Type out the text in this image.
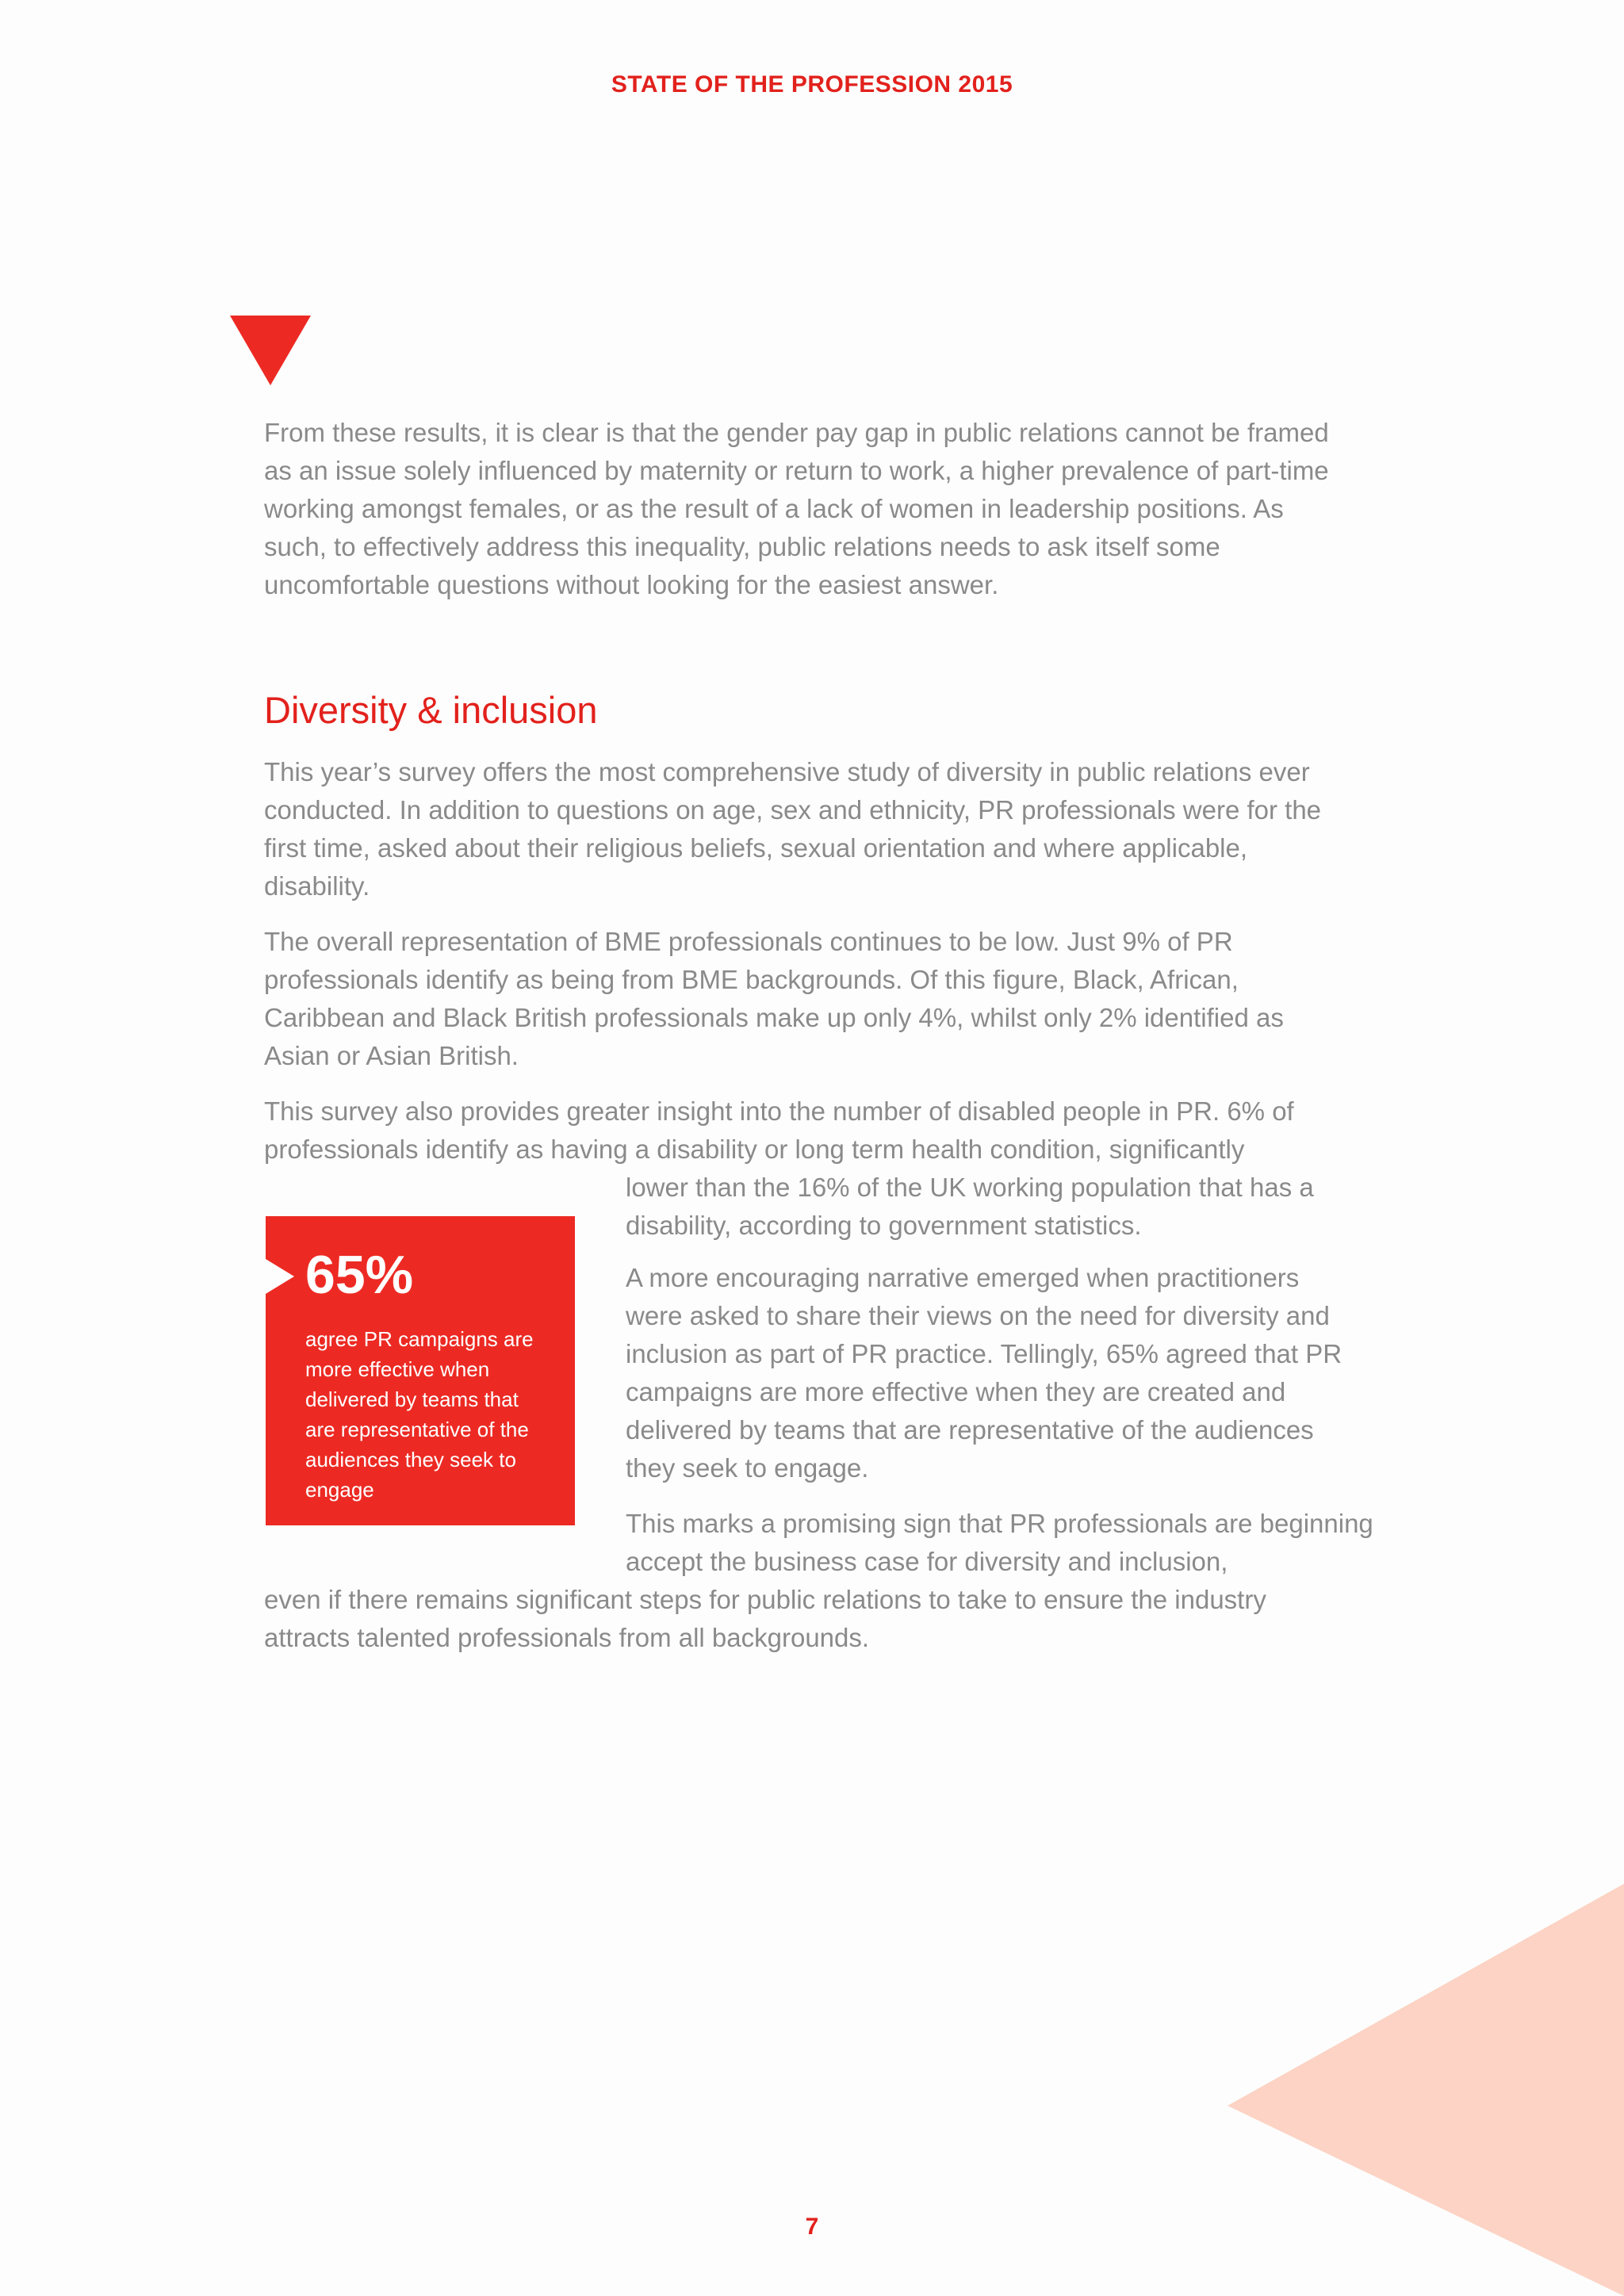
STATE OF THE PROFESSION 2015

From these results, it is clear is that the gender pay gap in public relations cannot be framed as an issue solely influenced by maternity or return to work, a higher prevalence of part-time working amongst females, or as the result of a lack of women in leadership positions. As such, to effectively address this inequality, public relations needs to ask itself some uncomfortable questions without looking for the easiest answer.

Diversity & inclusion

This year’s survey offers the most comprehensive study of diversity in public relations ever conducted. In addition to questions on age, sex and ethnicity, PR professionals were for the first time, asked about their religious beliefs, sexual orientation and where applicable, disability.

The overall representation of BME professionals continues to be low. Just 9% of PR professionals identify as being from BME backgrounds. Of this figure, Black, African, Caribbean and Black British professionals make up only 4%, whilst only 2% identified as Asian or Asian British.

This survey also provides greater insight into the number of disabled people in PR. 6% of professionals identify as having a disability or long term health condition, significantly

lower than the 16% of the UK working population that has a disability, according to government statistics.

65%
agree PR campaigns are more effective when delivered by teams that are representative of the audiences they seek to engage

A more encouraging narrative emerged when practitioners were asked to share their views on the need for diversity and inclusion as part of PR practice. Tellingly, 65% agreed that PR campaigns are more effective when they are created and delivered by teams that are representative of the audiences they seek to engage.

This marks a promising sign that PR professionals are beginning accept the business case for diversity and inclusion,

even if there remains significant steps for public relations to take to ensure the industry attracts talented professionals from all backgrounds.

7
